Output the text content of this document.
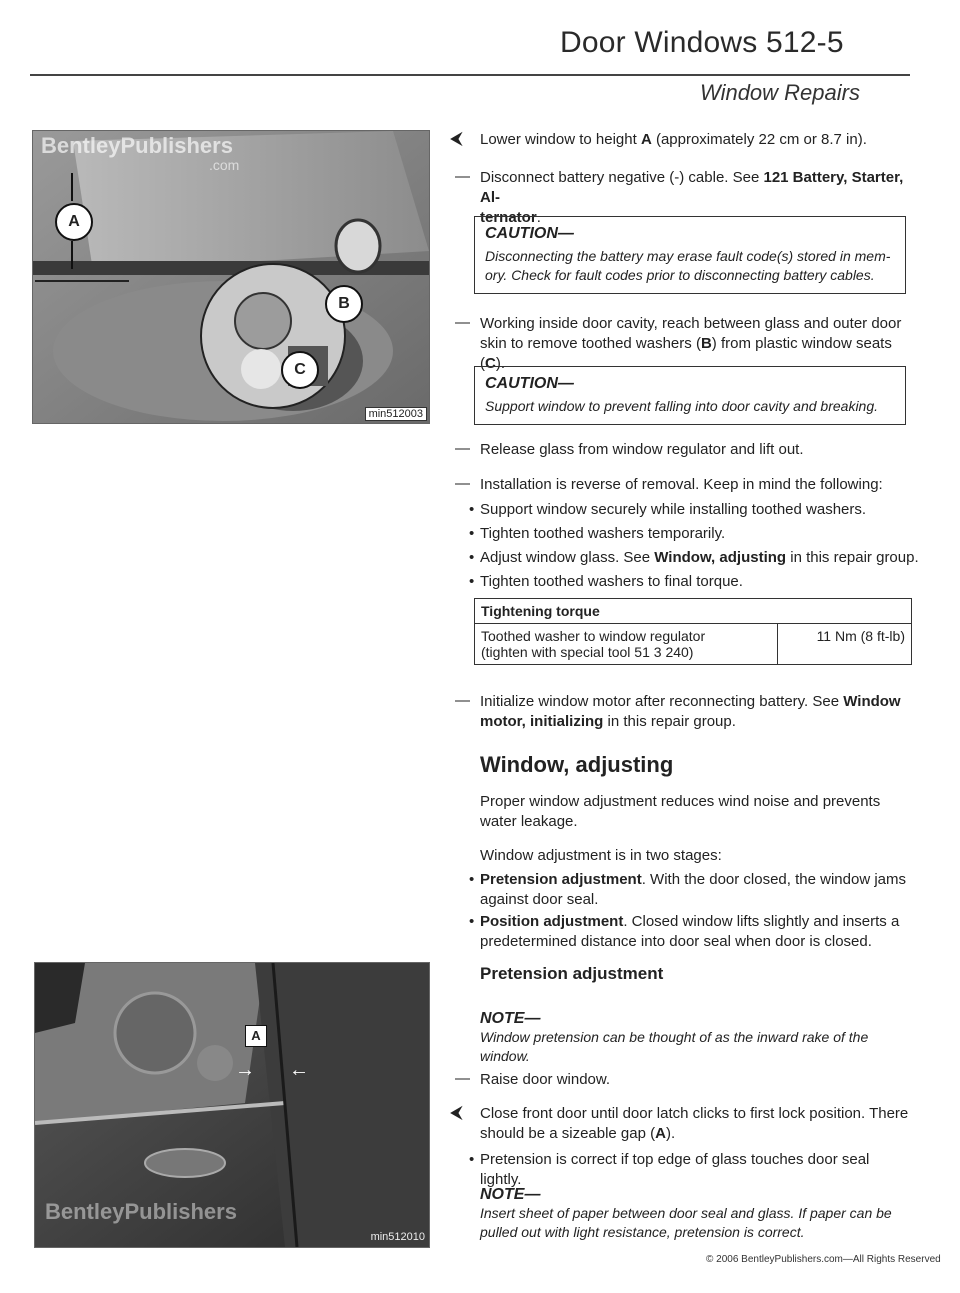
Door Windows 512-5
Window Repairs
BentleyPublishers
.com
A
B
C
min512003
⮜ Lower window to height A (approximately 22 cm or 8.7 in).
— Disconnect battery negative (-) cable. See 121 Battery, Starter, Al-
ternator.
CAUTION—
Disconnecting the battery may erase fault code(s) stored in mem- ory. Check for fault codes prior to disconnecting battery cables.
— Working inside door cavity, reach between glass and outer door
skin to remove toothed washers (B) from plastic window seats (C).
CAUTION—
Support window to prevent falling into door cavity and breaking.
— Release glass from window regulator and lift out.
— Installation is reverse of removal. Keep in mind the following:
• Support window securely while installing toothed washers.
• Tighten toothed washers temporarily.
• Adjust window glass. See Window, adjusting in this repair group.
• Tighten toothed washers to final torque.
Tightening torque
Toothed washer to window regulator
(tighten with special tool 51 3 240)	11 Nm (8 ft-lb)
— Initialize window motor after reconnecting battery. See Window
motor, initializing in this repair group.
Window, adjusting
Proper window adjustment reduces wind noise and prevents water leakage.
Window adjustment is in two stages:
• Pretension adjustment. With the door closed, the window jams against door seal.
• Position adjustment. Closed window lifts slightly and inserts a predetermined distance into door seal when door is closed.
Pretension adjustment
NOTE—
Window pretension can be thought of as the inward rake of the window.
— Raise door window.
⮜ Close front door until door latch clicks to first lock position. There should be a sizeable gap (A).
• Pretension is correct if top edge of glass touches door seal lightly.
NOTE—
Insert sheet of paper between door seal and glass. If paper can be pulled out with light resistance, pretension is correct.
A
→ ←
BentleyPublishers
min512010
© 2006 BentleyPublishers.com—All Rights Reserved
